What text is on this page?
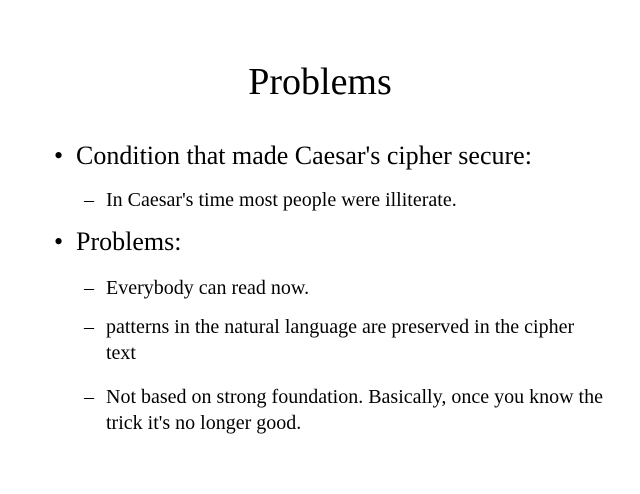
Problems
• Condition that made Caesar's cipher secure:
– In Caesar's time most people were illiterate.
• Problems:
– Everybody can read now.
– patterns in the natural language are preserved in the cipher text
– Not based on strong foundation. Basically, once you know the trick it's no longer good.
